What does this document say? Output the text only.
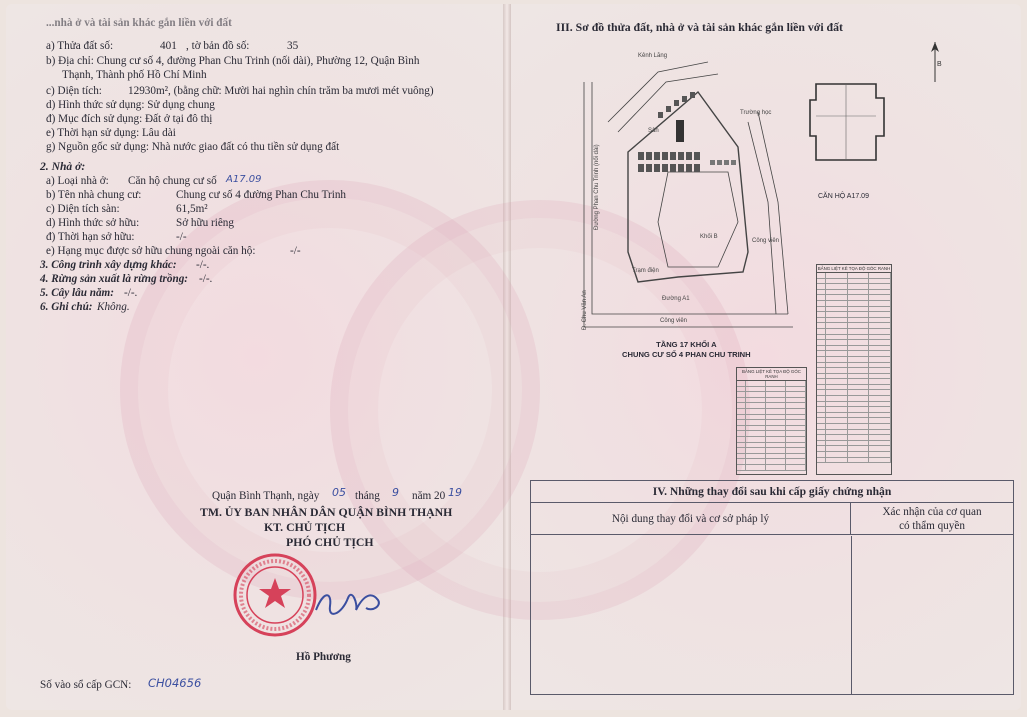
...nhà ở và tài sản khác gắn liền với đất
a) Thửa đất số:	401 , tờ bản đồ số:	35
b) Địa chỉ: Chung cư số 4, đường Phan Chu Trinh (nối dài), Phường 12, Quận Bình
Thạnh, Thành phố Hồ Chí Minh
c) Diện tích: 12930m², (bằng chữ: Mười hai nghìn chín trăm ba mươi mét vuông)
d) Hình thức sử dụng: Sử dụng chung
đ) Mục đích sử dụng: Đất ở tại đô thị
e) Thời hạn sử dụng: Lâu dài
g) Nguồn gốc sử dụng: Nhà nước giao đất có thu tiền sử dụng đất
2. Nhà ở:
a) Loại nhà ở: Căn hộ chung cư số A17.09
b) Tên nhà chung cư:	Chung cư số 4 đường Phan Chu Trinh
c) Diện tích sàn:	61,5m²
d) Hình thức sở hữu:	Sở hữu riêng
đ) Thời hạn sở hữu:	-/-
e) Hạng mục được sở hữu chung ngoài căn hộ:	-/-
3. Công trình xây dựng khác: -/-.
4. Rừng sản xuất là rừng trồng: -/-.
5. Cây lâu năm: -/-.
6. Ghi chú: Không.
Quận Bình Thạnh, ngày 05 tháng 9 năm 20 19
TM. ỦY BAN NHÂN DÂN QUẬN BÌNH THẠNH
KT. CHỦ TỊCH
PHÓ CHỦ TỊCH
Hồ Phương
Số vào sổ cấp GCN: CH04656
III. Sơ đồ thửa đất, nhà ở và tài sản khác gắn liền với đất
B
Kênh Lăng
Trường học
Sân
Đường Phan Chu Trinh (nối dài)
Khối B
Công viên
Công viên
Trạm điện
Đường A1
Đ. Chu Văn An
TẦNG 17 KHỐI A
CHUNG CƯ SỐ 4 PHAN CHU TRINH
CĂN HỘ A17.09
BẢNG LIỆT KÊ TỌA ĐỘ GÓC RANH
BẢNG LIỆT KÊ TỌA ĐỘ GÓC RANH
IV. Những thay đổi sau khi cấp giấy chứng nhận
Nội dung thay đổi và cơ sở pháp lý
Xác nhận của cơ quan
có thẩm quyền
